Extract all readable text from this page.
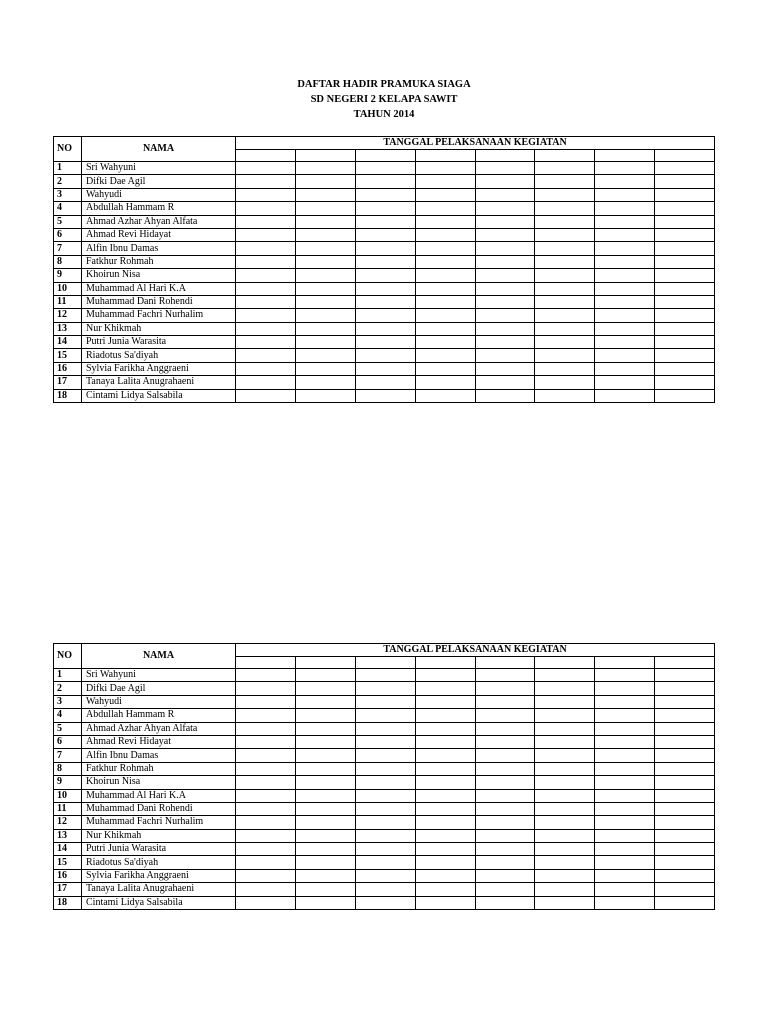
DAFTAR HADIR PRAMUKA SIAGA
SD NEGERI 2 KELAPA SAWIT
TAHUN 2014
NO	NAMA	TANGGAL PELAKSANAAN KEGIATAN							

1	Sri Wahyuni								
2	Difki Dae Agil								
3	Wahyudi								
4	Abdullah Hammam R								
5	Ahmad Azhar Ahyan Alfata								
6	Ahmad Revi Hidayat								
7	Alfin Ibnu Damas								
8	Fatkhur Rohmah								
9	Khoirun Nisa								
10	Muhammad Al Hari K.A								
11	Muhammad Dani Rohendi								
12	Muhammad Fachri Nurhalim								
13	Nur Khikmah								
14	Putri Junia Warasita								
15	Riadotus Sa'diyah								
16	Sylvia Farikha Anggraeni								
17	Tanaya Lalita Anugrahaeni								
18	Cintami Lidya Salsabila								
NO	NAMA	TANGGAL PELAKSANAAN KEGIATAN							

1	Sri Wahyuni								
2	Difki Dae Agil								
3	Wahyudi								
4	Abdullah Hammam R								
5	Ahmad Azhar Ahyan Alfata								
6	Ahmad Revi Hidayat								
7	Alfin Ibnu Damas								
8	Fatkhur Rohmah								
9	Khoirun Nisa								
10	Muhammad Al Hari K.A								
11	Muhammad Dani Rohendi								
12	Muhammad Fachri Nurhalim								
13	Nur Khikmah								
14	Putri Junia Warasita								
15	Riadotus Sa'diyah								
16	Sylvia Farikha Anggraeni								
17	Tanaya Lalita Anugrahaeni								
18	Cintami Lidya Salsabila								
